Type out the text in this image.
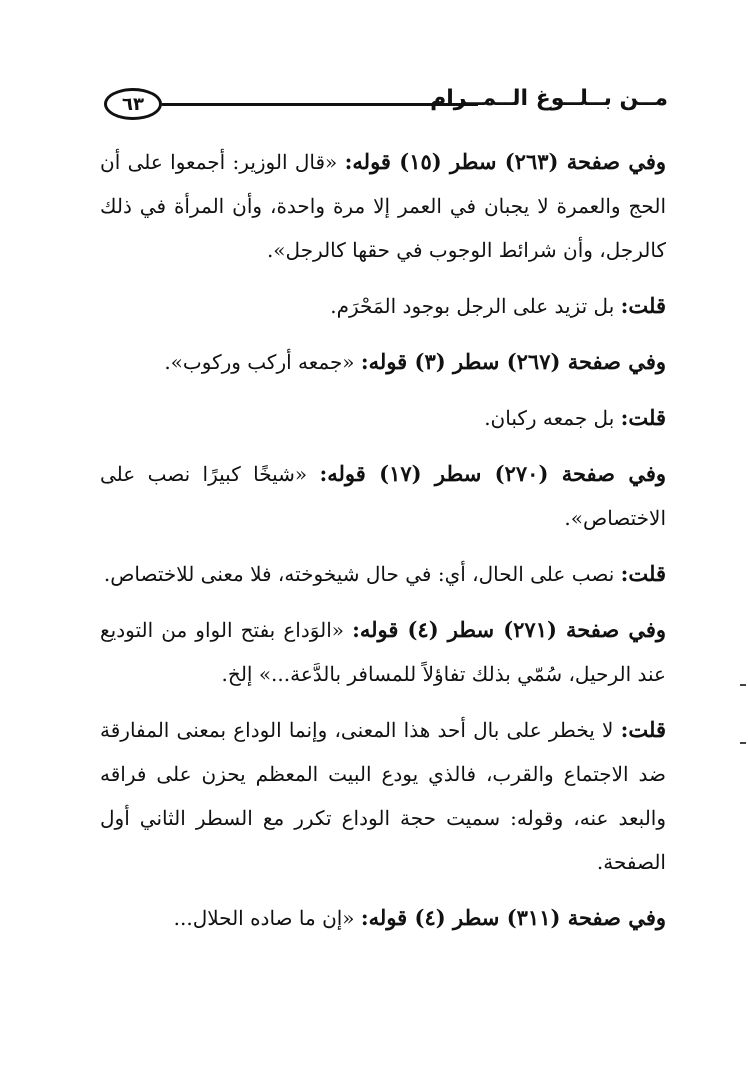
٦٣	مــن بــلــوغ الــمــرام

وفي صفحة (٢٦٣) سطر (١٥) قوله: «قال الوزير: أجمعوا على أن الحج والعمرة لا يجبان في العمر إلا مرة واحدة، وأن المرأة في ذلك كالرجل، وأن شرائط الوجوب في حقها كالرجل».

قلت: بل تزيد على الرجل بوجود المَحْرَم.

وفي صفحة (٢٦٧) سطر (٣) قوله: «جمعه أركب وركوب».

قلت: بل جمعه ركبان.

وفي صفحة (٢٧٠) سطر (١٧) قوله: «شيخًا كبيرًا نصب على الاختصاص».

قلت: نصب على الحال، أي: في حال شيخوخته، فلا معنى للاختصاص.

وفي صفحة (٢٧١) سطر (٤) قوله: «الوَداع بفتح الواو من التوديع عند الرحيل، سُمّي بذلك تفاؤلاً للمسافر بالدَّعة...» إلخ.

قلت: لا يخطر على بال أحد هذا المعنى، وإنما الوداع بمعنى المفارقة ضد الاجتماع والقرب، فالذي يودع البيت المعظم يحزن على فراقه والبعد عنه، وقوله: سميت حجة الوداع تكرر مع السطر الثاني أول الصفحة.

وفي صفحة (٣١١) سطر (٤) قوله: «إن ما صاده الحلال...
